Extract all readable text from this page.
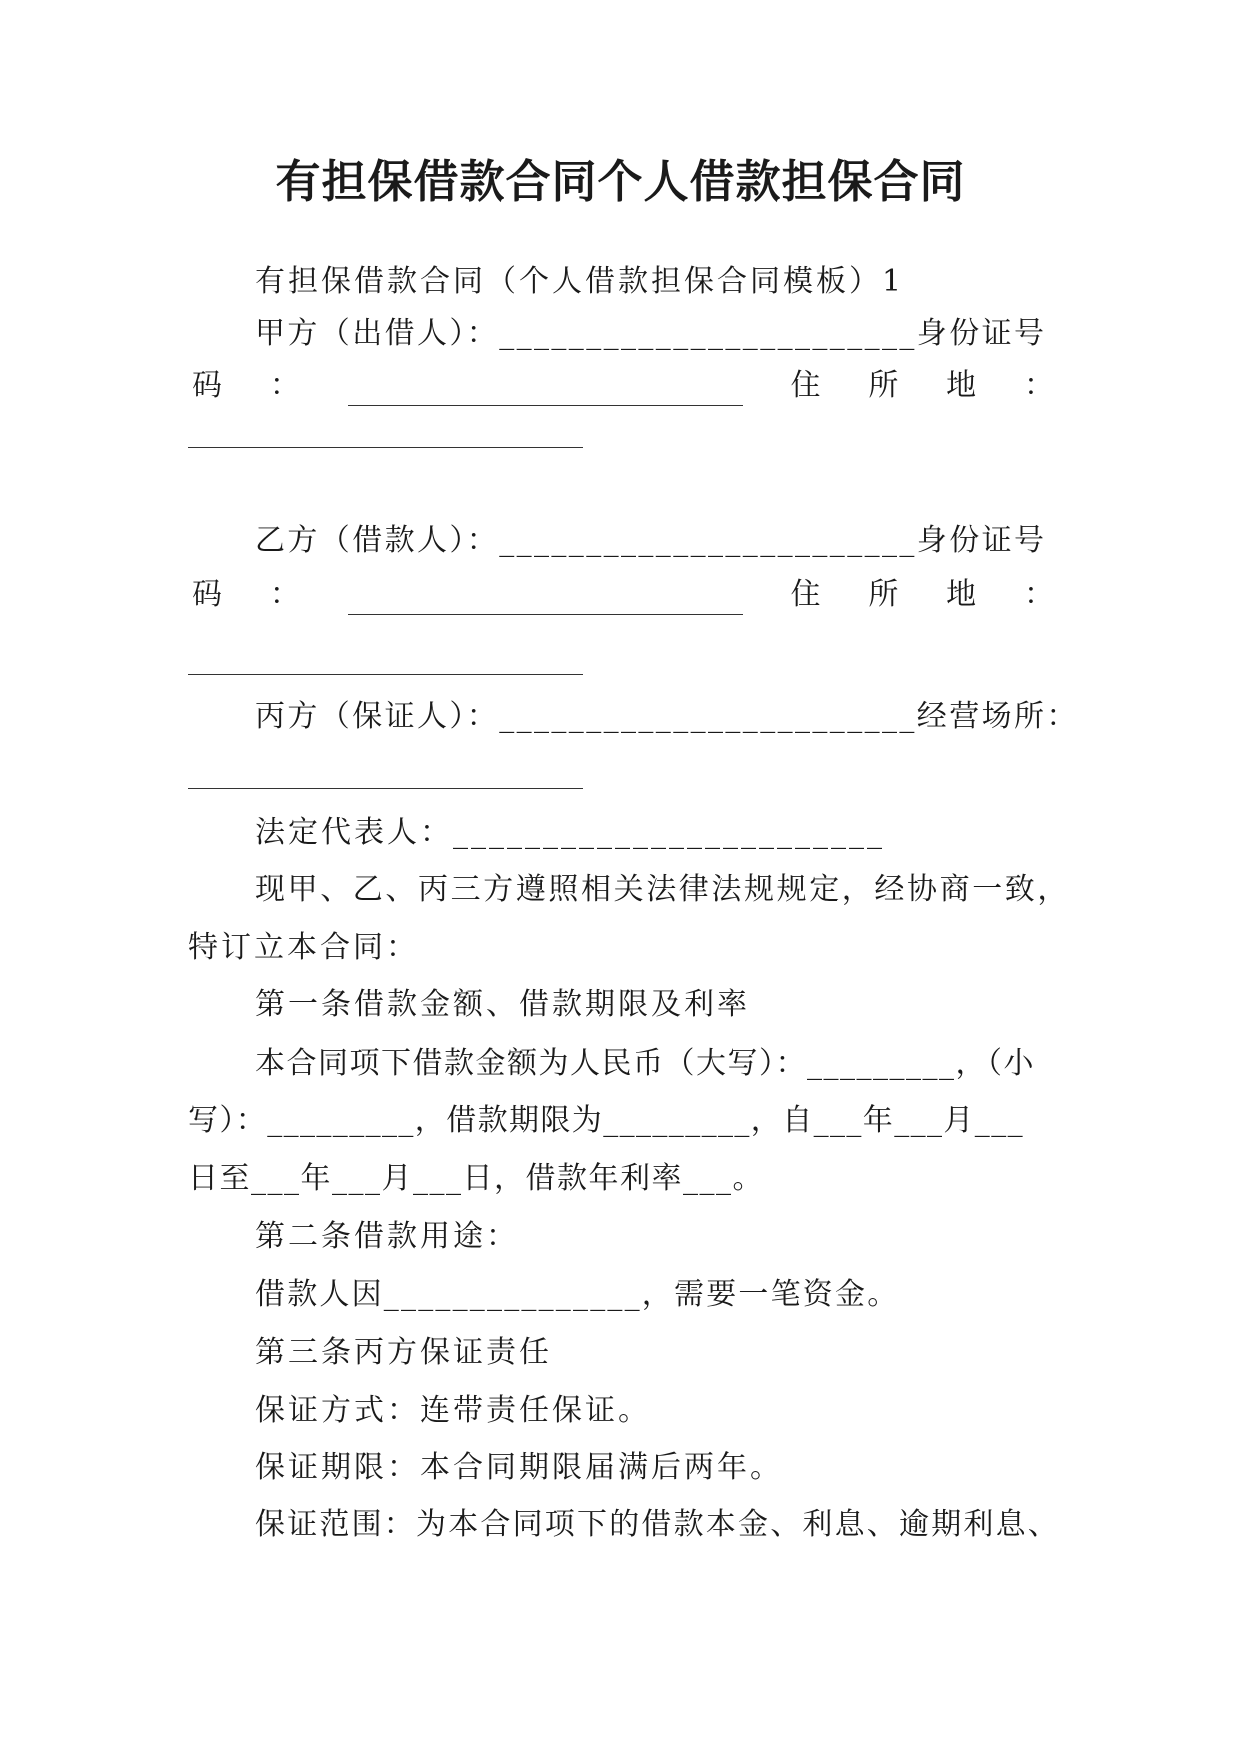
有担保借款合同个人借款担保合同
有担保借款合同（个人借款担保合同模板）1
甲方（出借人）：________________________身份证号
码 ：	住 所 地 ：
乙方（借款人）：________________________身份证号
码 ：	住 所 地 ：
丙方（保证人）：________________________经营场所：
法定代表人：________________________
现甲、乙、丙三方遵照相关法律法规规定，经协商一致，
特订立本合同：
第一条借款金额、借款期限及利率
本合同项下借款金额为人民币（大写）：_________，（小
写）：_________，借款期限为_________，自___年___月___
日至___年___月___日，借款年利率___。
第二条借款用途：
借款人因_______________，需要一笔资金。
第三条丙方保证责任
保证方式：连带责任保证。
保证期限：本合同期限届满后两年。
保证范围：为本合同项下的借款本金、利息、逾期利息、
